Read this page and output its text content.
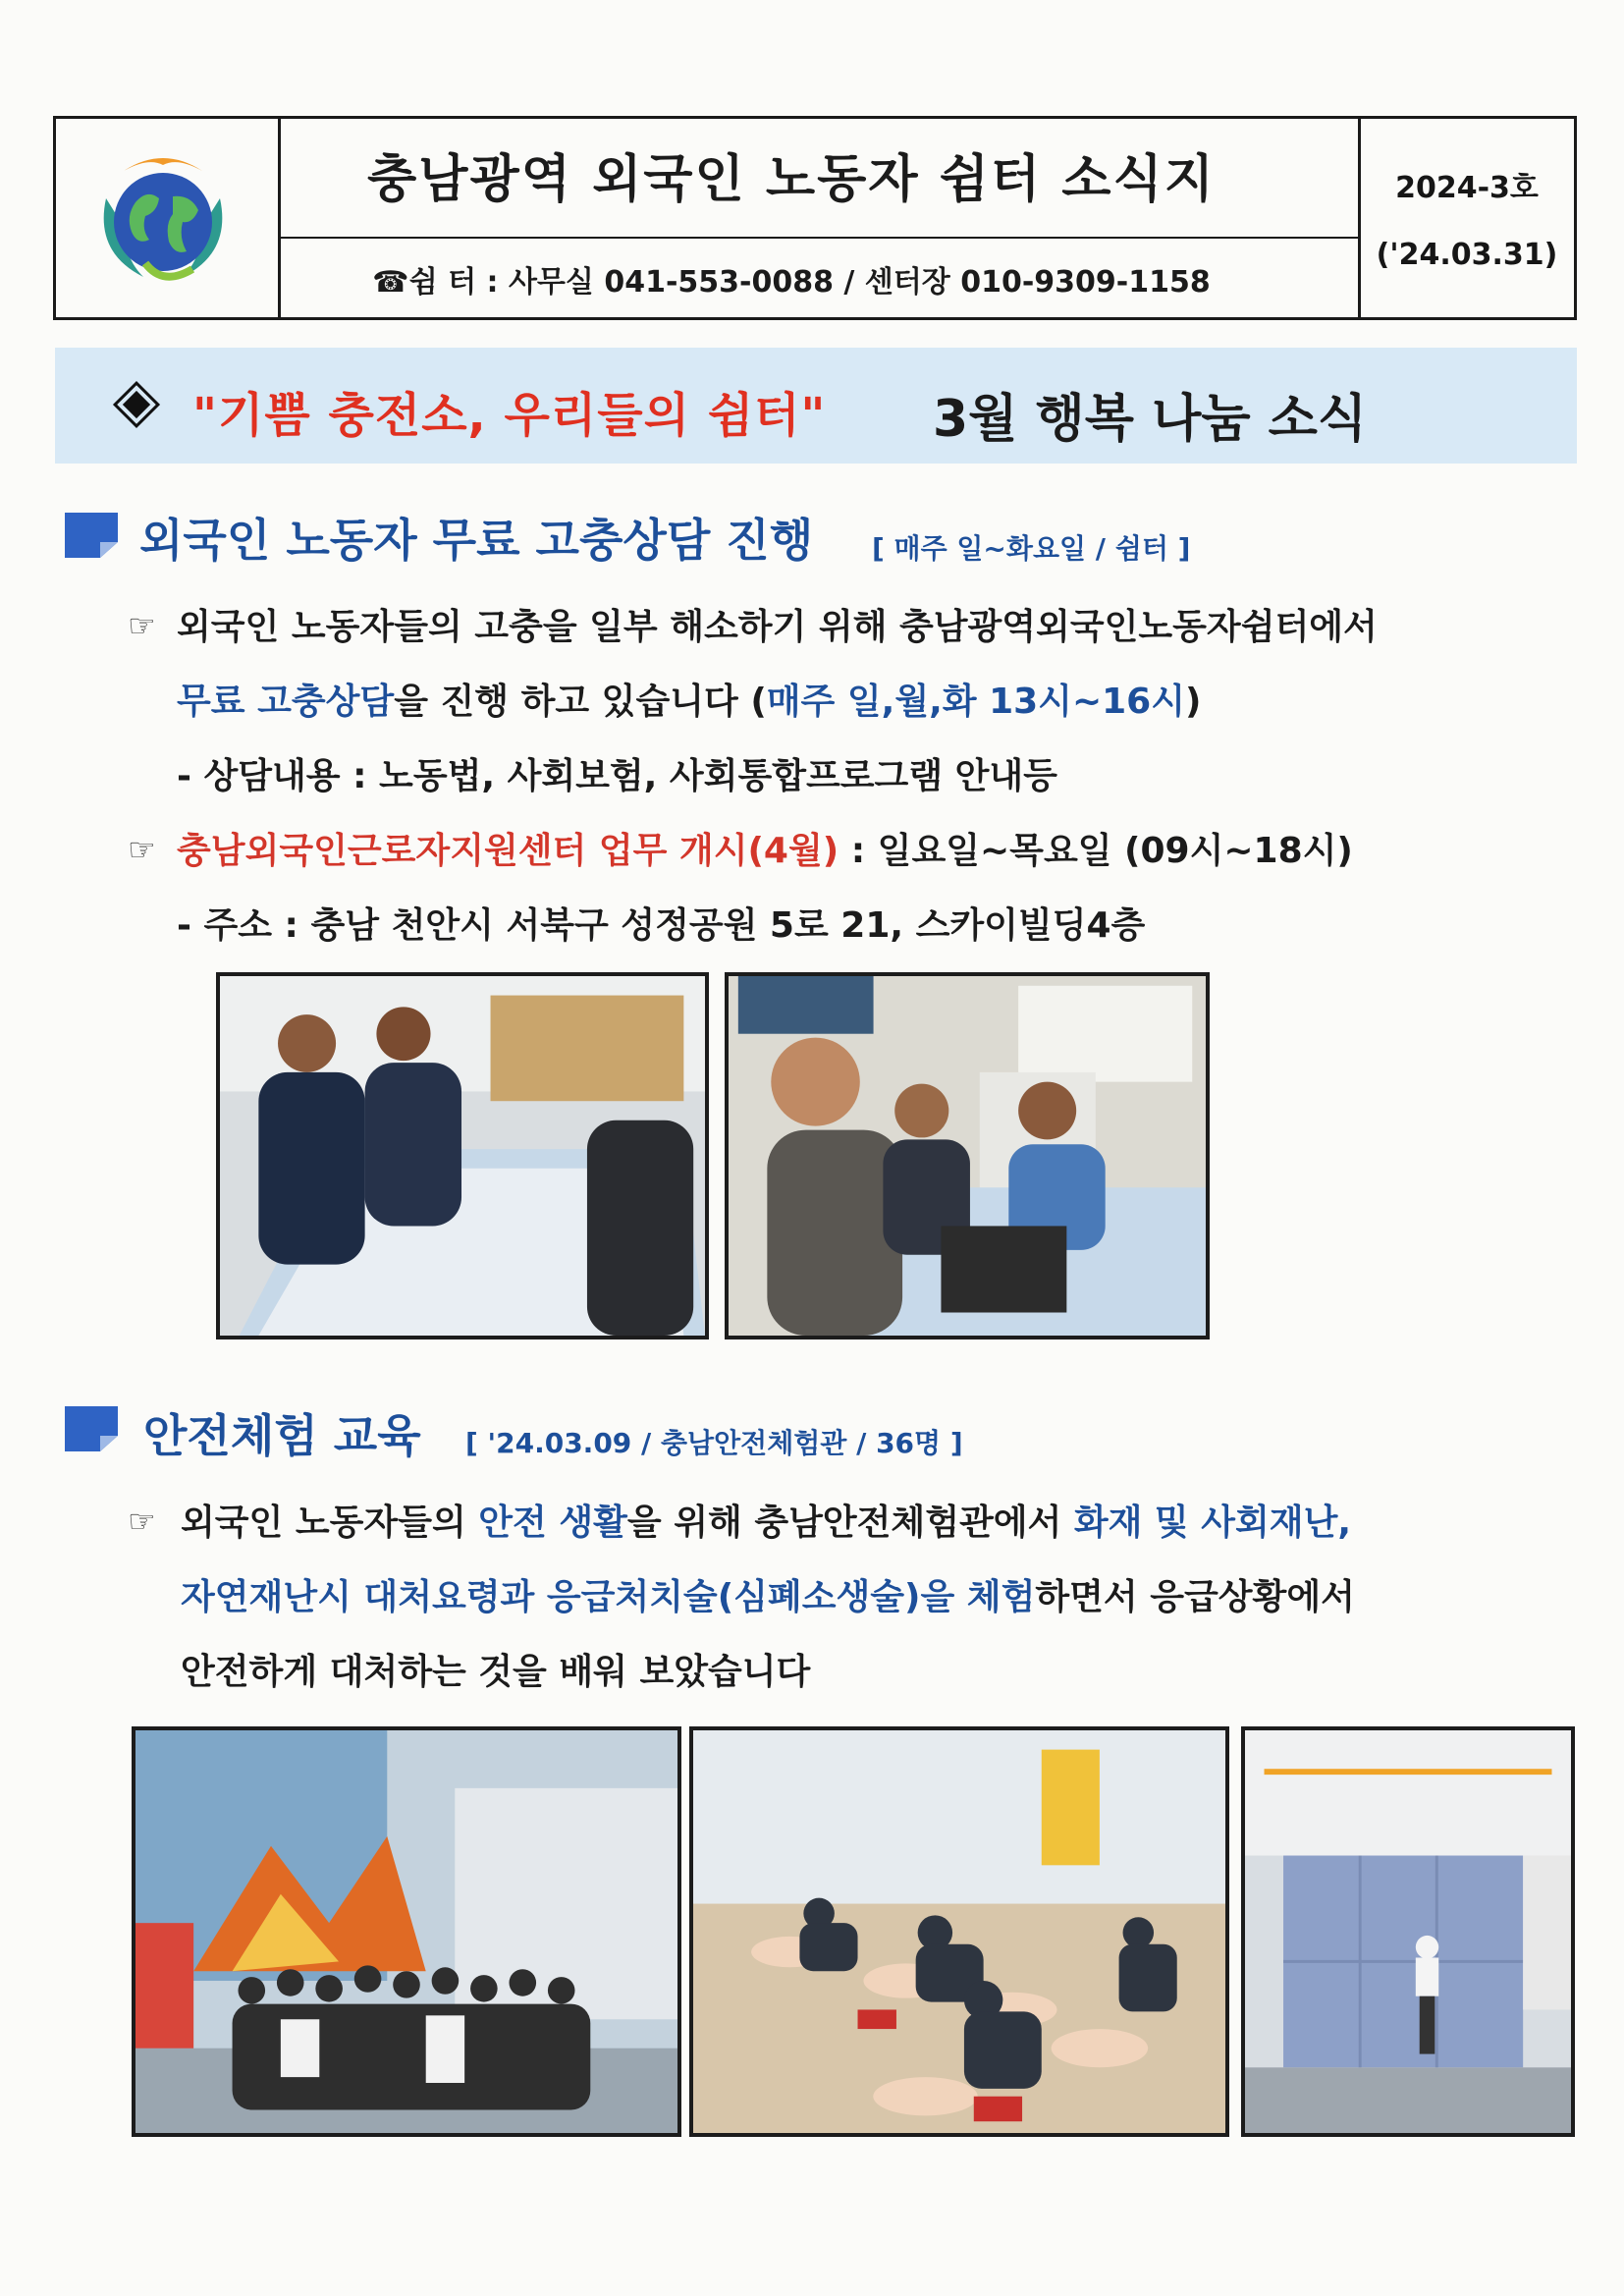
충남광역 외국인 노동자 쉼터 소식지
☎쉼 터 : 사무실 041-553-0088 / 센터장 010-9309-1158
2024-3호
('24.03.31)
"기쁨 충전소, 우리들의 쉼터" 3월 행복 나눔 소식
외국인 노동자 무료 고충상담 진행 [ 매주 일~화요일 / 쉼터 ]
☞ 외국인 노동자들의 고충을 일부 해소하기 위해 충남광역외국인노동자쉼터에서
무료 고충상담을 진행 하고 있습니다 (매주 일,월,화 13시~16시)
- 상담내용 : 노동법, 사회보험, 사회통합프로그램 안내등
☞ 충남외국인근로자지원센터 업무 개시(4월) : 일요일~목요일 (09시~18시)
- 주소 : 충남 천안시 서북구 성정공원 5로 21, 스카이빌딩4층
안전체험 교육 [ '24.03.09 / 충남안전체험관 / 36명 ]
☞ 외국인 노동자들의 안전 생활을 위해 충남안전체험관에서 화재 및 사회재난,
자연재난시 대처요령과 응급처치술(심폐소생술)을 체험하면서 응급상황에서
안전하게 대처하는 것을 배워 보았습니다
